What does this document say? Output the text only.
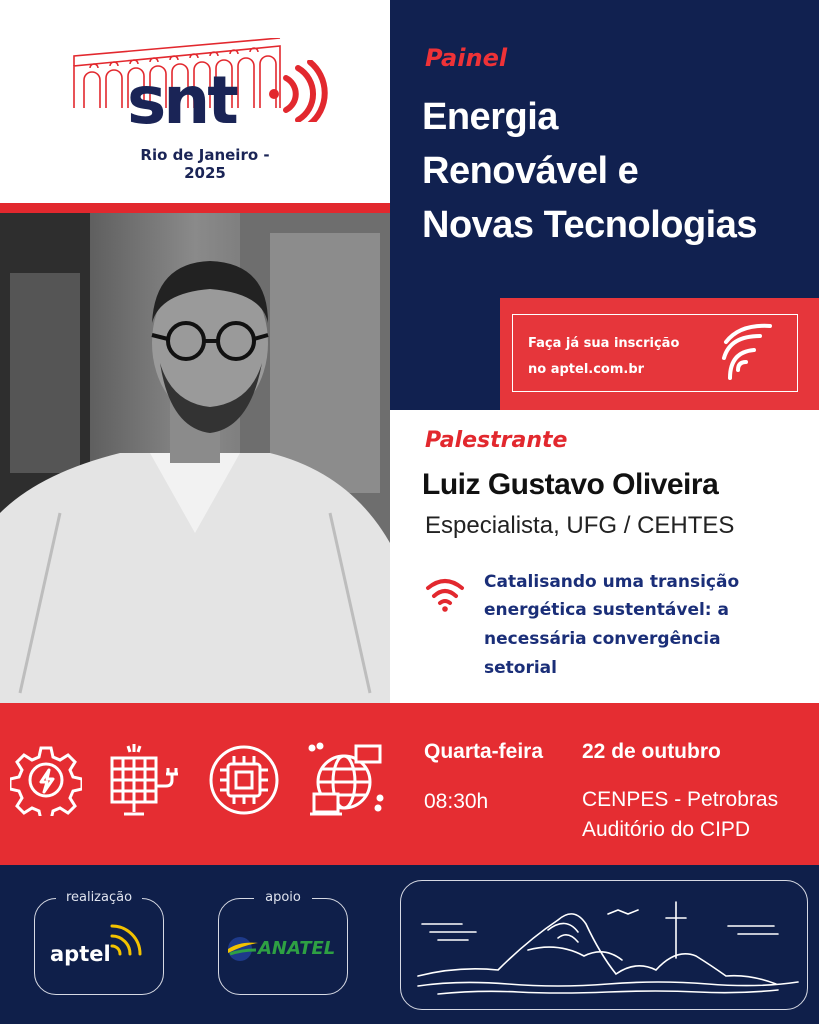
snt
Rio de Janeiro - 2025
Painel
Energia
Renovável e
Novas Tecnologias
Faça já sua inscrição
no aptel.com.br
Palestrante
Luiz Gustavo Oliveira
Especialista, UFG / CEHTES
Catalisando uma transição
energética sustentável: a
necessária convergência
setorial
Quarta-feira 22 de outubro
08:30h	CENPES - Petrobras
Auditório do CIPD
realização
aptel
apoio
ANATEL
